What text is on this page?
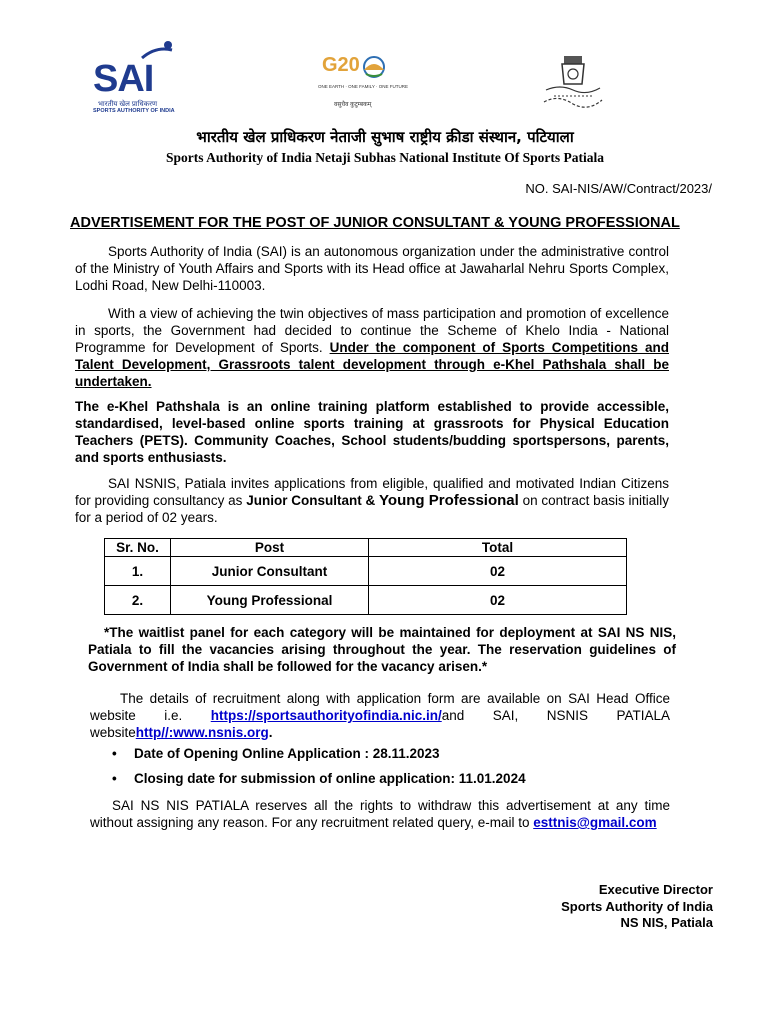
SAI
भारतीय खेल प्राधिकरण
SPORTS AUTHORITY OF INDIA
G20
ONE EARTH · ONE FAMILY · ONE FUTURE
वसुधैव कुटुम्बकम्
भारतीय खेल प्राधिकरण नेताजी सुभाष राष्ट्रीय क्रीडा संस्थान, पटियाला
Sports Authority of India Netaji Subhas National Institute Of Sports Patiala
NO. SAI-NIS/AW/Contract/2023/
ADVERTISEMENT FOR THE POST OF JUNIOR CONSULTANT & YOUNG PROFESSIONAL
Sports Authority of India (SAI) is an autonomous organization under the administrative control of the Ministry of Youth Affairs and Sports with its Head office at Jawaharlal Nehru Sports Complex, Lodhi Road, New Delhi-110003.
With a view of achieving the twin objectives of mass participation and promotion of excellence in sports, the Government had decided to continue the Scheme of Khelo India - National Programme for Development of Sports. Under the component of Sports Competitions and Talent Development, Grassroots talent development through e-Khel Pathshala shall be undertaken.
The e-Khel Pathshala is an online training platform established to provide accessible, standardised, level-based online sports training at grassroots for Physical Education Teachers (PETS). Community Coaches, School students/budding sportspersons, parents, and sports enthusiasts.
SAI NSNIS, Patiala invites applications from eligible, qualified and motivated Indian Citizens for providing consultancy as Junior Consultant & Young Professional on contract basis initially for a period of 02 years.
Sr. No.	Post	Total
1.	Junior Consultant	02
2.	Young Professional	02
*The waitlist panel for each category will be maintained for deployment at SAI NS NIS, Patiala to fill the vacancies arising throughout the year. The reservation guidelines of Government of India shall be followed for the vacancy arisen.*
The details of recruitment along with application form are available on SAI Head Office website i.e. https://sportsauthorityofindia.nic.in/and SAI, NSNIS PATIALA websitehttp//:www.nsnis.org.
• Date of Opening Online Application : 28.11.2023
• Closing date for submission of online application: 11.01.2024
SAI NS NIS PATIALA reserves all the rights to withdraw this advertisement at any time without assigning any reason. For any recruitment related query, e-mail to esttnis@gmail.com
Executive Director
Sports Authority of India
NS NIS, Patiala
